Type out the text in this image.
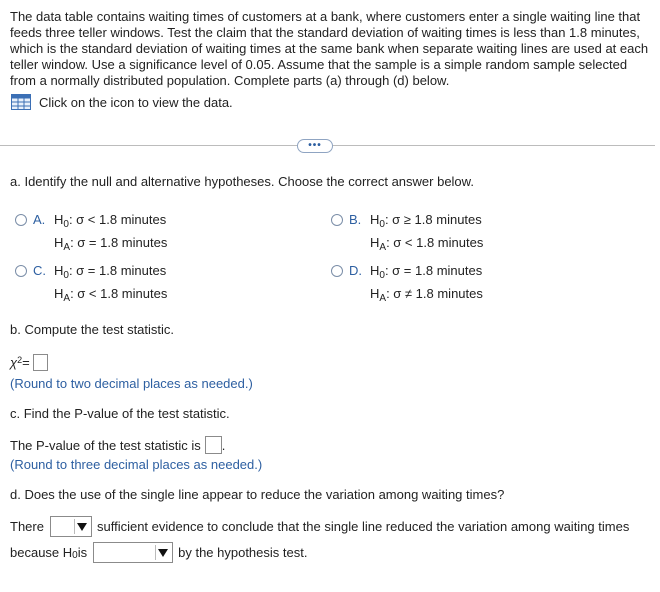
The data table contains waiting times of customers at a bank, where customers enter a single waiting line that feeds three teller windows. Test the claim that the standard deviation of waiting times is less than 1.8 minutes, which is the standard deviation of waiting times at the same bank when separate waiting lines are used at each teller window. Use a significance level of 0.05. Assume that the sample is a simple random sample selected from a normally distributed population. Complete parts (a) through (d) below.

Click on the icon to view the data.
•••
a. Identify the null and alternative hypotheses. Choose the correct answer below.
A. $H_0$: σ < 1.8 minutes
$H_A$: σ = 1.8 minutes
B. $H_0$: σ ≥ 1.8 minutes
$H_A$: σ < 1.8 minutes
C. $H_0$: σ = 1.8 minutes
$H_A$: σ < 1.8 minutes
D. $H_0$: σ = 1.8 minutes
$H_A$: σ ≠ 1.8 minutes
b. Compute the test statistic.
$\chi^2$ =
(Round to two decimal places as needed.)
c. Find the P-value of the test statistic.
The P-value of the test statistic is .
(Round to three decimal places as needed.)
d. Does the use of the single line appear to reduce the variation among waiting times?
There	sufficient evidence to conclude that the single line reduced the variation among waiting times
because H 0 is	by the hypothesis test.
